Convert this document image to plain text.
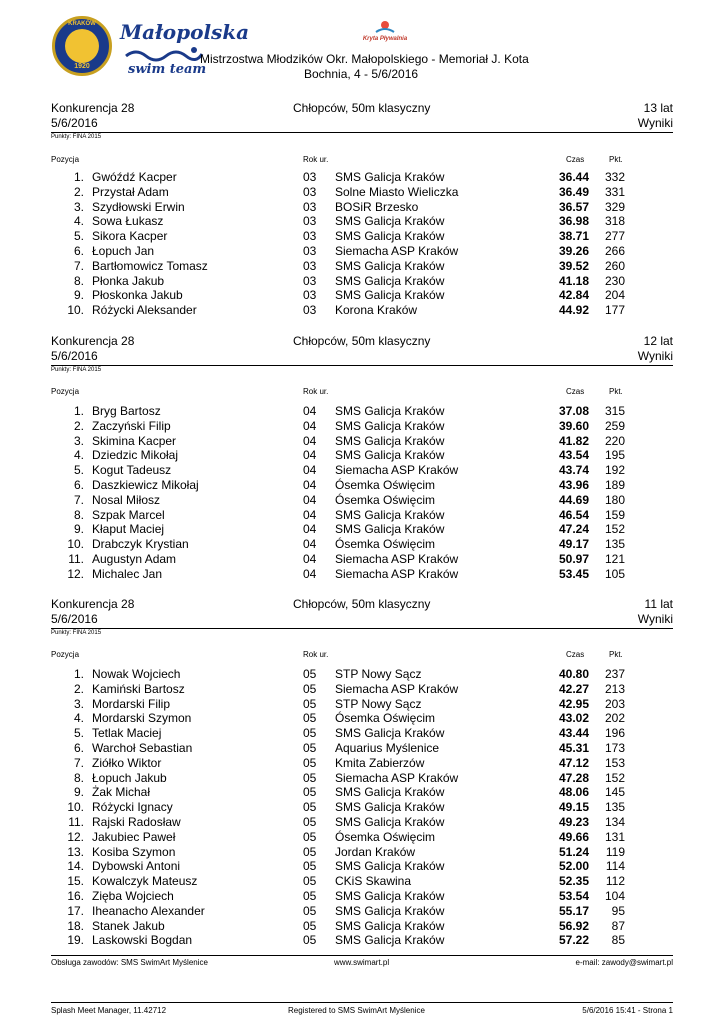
KRAKÓW
1920
Małopolska
swim team
Kryta Pływalnia
Mistrzostwa Młodzików Okr. Małopolskiego - Memoriał J. Kota
Bochnia, 4 - 5/6/2016
Konkurencja 28	Chłopców, 50m klasyczny	13 lat
5/6/2016	Wyniki
Punkty: FINA 2015
Pozycja	Rok ur.	Czas	Pkt.
1. Gwóźdź Kacper	03 SMS Galicja Kraków	36.44	332
2. Przystał Adam	03 Solne Miasto Wieliczka	36.49	331
3. Szydłowski Erwin	03 BOSiR Brzesko	36.57	329
4. Sowa Łukasz	03 SMS Galicja Kraków	36.98	318
5. Sikora Kacper	03 SMS Galicja Kraków	38.71	277
6. Łopuch Jan	03 Siemacha ASP Kraków	39.26	266
7. Bartłomowicz Tomasz	03 SMS Galicja Kraków	39.52	260
8. Płonka Jakub	03 SMS Galicja Kraków	41.18	230
9. Płoskonka Jakub	03 SMS Galicja Kraków	42.84	204
10. Różycki Aleksander	03 Korona Kraków	44.92	177
Konkurencja 28	Chłopców, 50m klasyczny	12 lat
5/6/2016	Wyniki
Punkty: FINA 2015
Pozycja	Rok ur.	Czas	Pkt.
1. Bryg Bartosz	04 SMS Galicja Kraków	37.08	315
2. Zaczyński Filip	04 SMS Galicja Kraków	39.60	259
3. Skimina Kacper	04 SMS Galicja Kraków	41.82	220
4. Dziedzic Mikołaj	04 SMS Galicja Kraków	43.54	195
5. Kogut Tadeusz	04 Siemacha ASP Kraków	43.74	192
6. Daszkiewicz Mikołaj	04 Ósemka Oświęcim	43.96	189
7. Nosal Miłosz	04 Ósemka Oświęcim	44.69	180
8. Szpak Marcel	04 SMS Galicja Kraków	46.54	159
9. Kłaput Maciej	04 SMS Galicja Kraków	47.24	152
10. Drabczyk Krystian	04 Ósemka Oświęcim	49.17	135
11. Augustyn Adam	04 Siemacha ASP Kraków	50.97	121
12. Michalec Jan	04 Siemacha ASP Kraków	53.45	105
Konkurencja 28	Chłopców, 50m klasyczny	11 lat
5/6/2016	Wyniki
Punkty: FINA 2015
Pozycja	Rok ur.	Czas	Pkt.
1. Nowak Wojciech	05 STP Nowy Sącz	40.80	237
2. Kamiński Bartosz	05 Siemacha ASP Kraków	42.27	213
3. Mordarski Filip	05 STP Nowy Sącz	42.95	203
4. Mordarski Szymon	05 Ósemka Oświęcim	43.02	202
5. Tetlak Maciej	05 SMS Galicja Kraków	43.44	196
6. Warchoł Sebastian	05 Aquarius Myślenice	45.31	173
7. Ziółko Wiktor	05 Kmita Zabierzów	47.12	153
8. Łopuch Jakub	05 Siemacha ASP Kraków	47.28	152
9. Żak Michał	05 SMS Galicja Kraków	48.06	145
10. Różycki Ignacy	05 SMS Galicja Kraków	49.15	135
11. Rajski Radosław	05 SMS Galicja Kraków	49.23	134
12. Jakubiec Paweł	05 Ósemka Oświęcim	49.66	131
13. Kosiba Szymon	05 Jordan Kraków	51.24	119
14. Dybowski Antoni	05 SMS Galicja Kraków	52.00	114
15. Kowalczyk Mateusz	05 CKiS Skawina	52.35	112
16. Zięba Wojciech	05 SMS Galicja Kraków	53.54	104
17. Iheanacho Alexander	05 SMS Galicja Kraków	55.17	95
18. Stanek Jakub	05 SMS Galicja Kraków	56.92	87
19. Laskowski Bogdan	05 SMS Galicja Kraków	57.22	85
Obsługa zawodów: SMS SwimArt Myślenice	www.swimart.pl	e-mail: zawody@swimart.pl
Splash Meet Manager, 11.42712	Registered to SMS SwimArt Myślenice	5/6/2016 15:41 - Strona 1
